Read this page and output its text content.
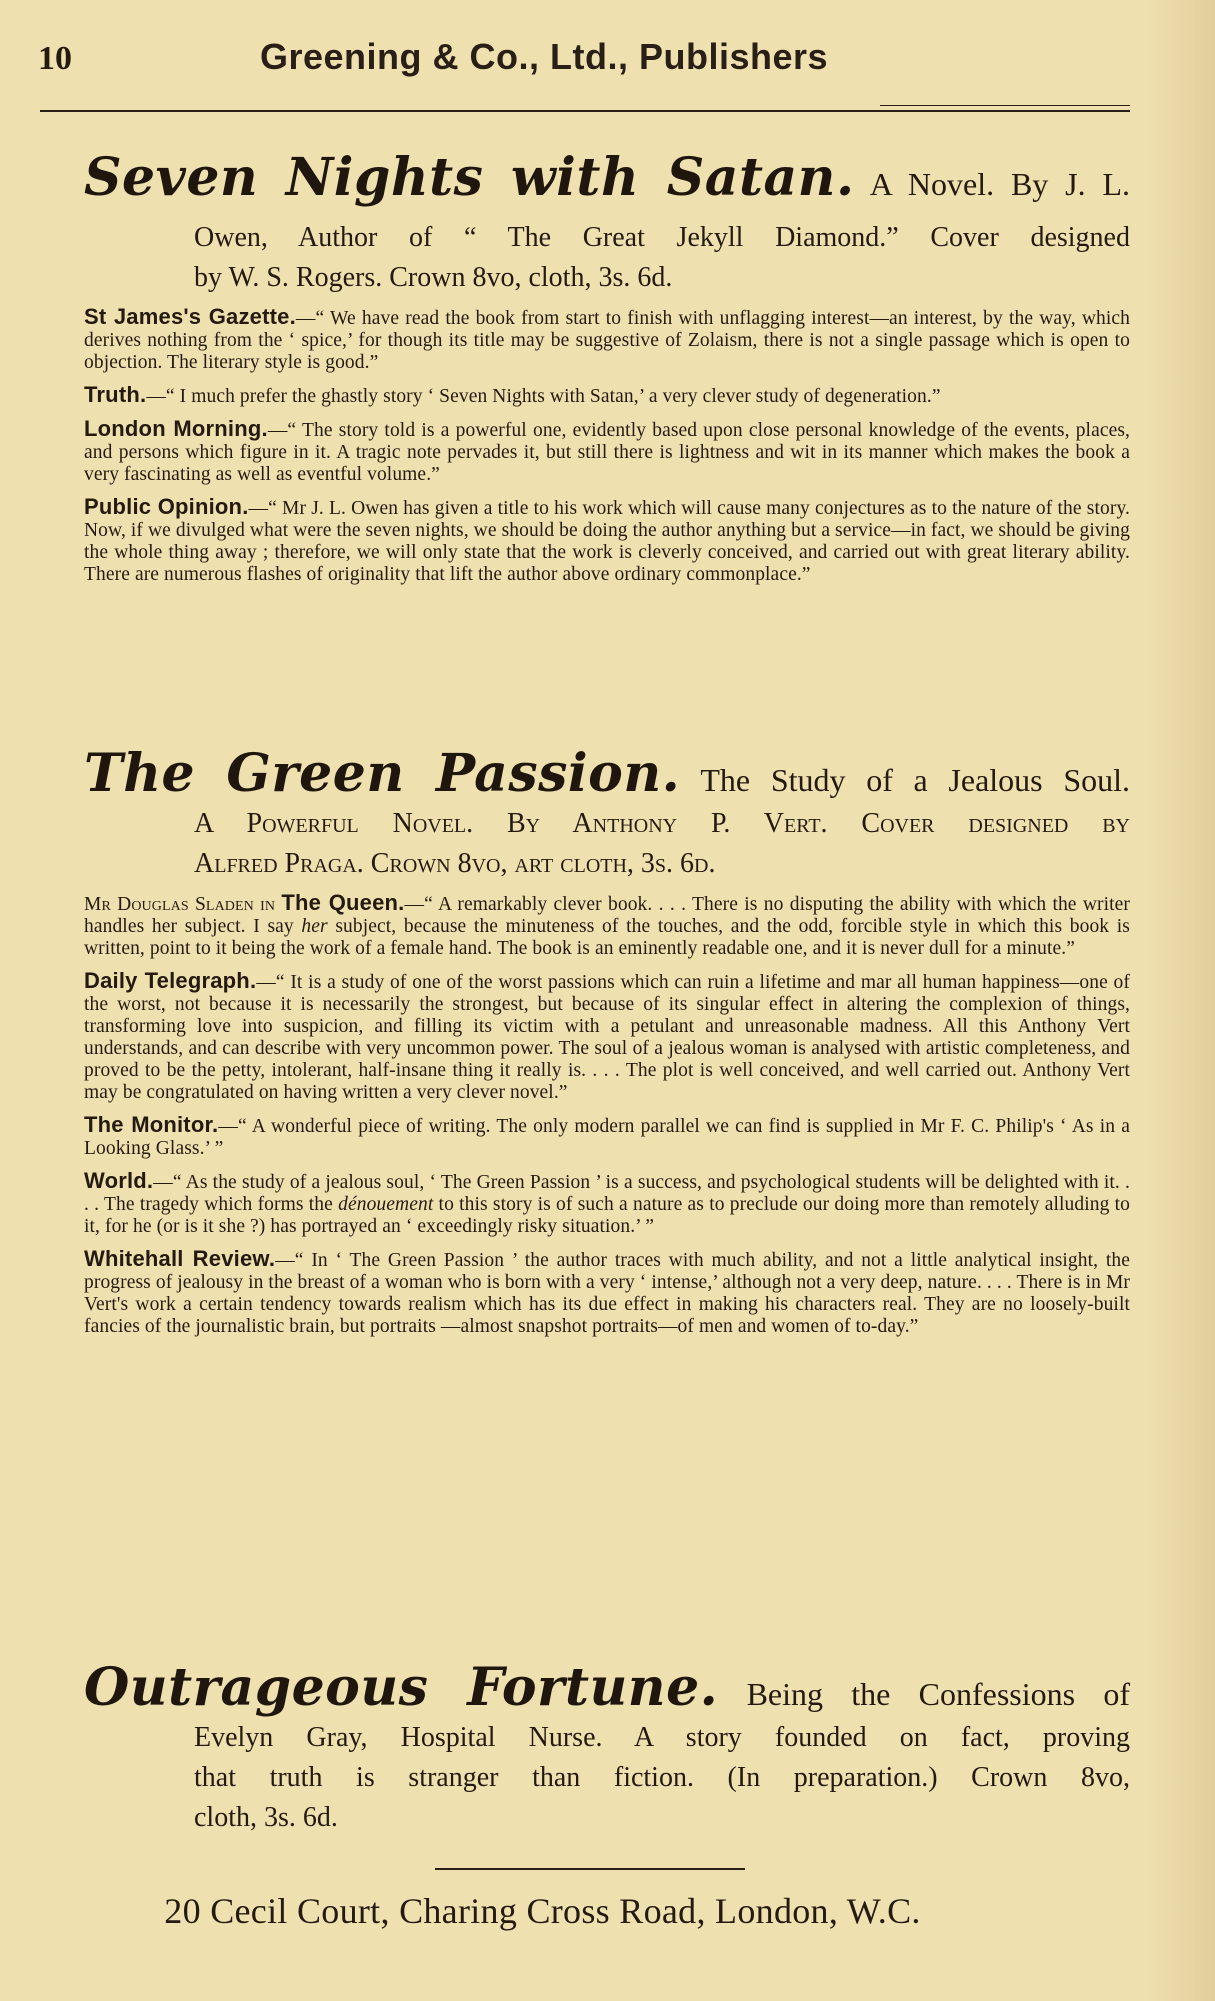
10	Greening & Co., Ltd., Publishers

Seven Nights with Satan. A Novel. By J. L.

Owen, Author of “ The Great Jekyll Diamond.” Cover designed

by W. S. Rogers. Crown 8vo, cloth, 3s. 6d.

St James's Gazette.—“ We have read the book from start to finish with unflagging interest—an interest, by the way, which derives nothing from the ‘ spice,’ for though its title may be suggestive of Zolaism, there is not a single passage which is open to objection. The literary style is good.”

Truth.—“ I much prefer the ghastly story ‘ Seven Nights with Satan,’ a very clever study of degeneration.”

London Morning.—“ The story told is a powerful one, evidently based upon close personal knowledge of the events, places, and persons which figure in it. A tragic note pervades it, but still there is lightness and wit in its manner which makes the book a very fascinating as well as eventful volume.”

Public Opinion.—“ Mr J. L. Owen has given a title to his work which will cause many conjectures as to the nature of the story. Now, if we divulged what were the seven nights, we should be doing the author anything but a service—in fact, we should be giving the whole thing away ; therefore, we will only state that the work is cleverly conceived, and carried out with great literary ability. There are numerous flashes of originality that lift the author above ordinary commonplace.”

The Green Passion. The Study of a Jealous Soul.

A Powerful Novel. By Anthony P. Vert. Cover designed by

Alfred Praga. Crown 8vo, art cloth, 3s. 6d.

Mr Douglas Sladen in The Queen.—“ A remarkably clever book. . . . There is no disputing the ability with which the writer handles her subject. I say her subject, because the minuteness of the touches, and the odd, forcible style in which this book is written, point to it being the work of a female hand. The book is an eminently readable one, and it is never dull for a minute.”

Daily Telegraph.—“ It is a study of one of the worst passions which can ruin a lifetime and mar all human happiness—one of the worst, not because it is necessarily the strongest, but because of its singular effect in altering the complexion of things, transforming love into suspicion, and filling its victim with a petulant and unreasonable madness. All this Anthony Vert understands, and can describe with very uncommon power. The soul of a jealous woman is analysed with artistic completeness, and proved to be the petty, intolerant, half-insane thing it really is. . . . The plot is well conceived, and well carried out. Anthony Vert may be congratulated on having written a very clever novel.”

The Monitor.—“ A wonderful piece of writing. The only modern parallel we can find is supplied in Mr F. C. Philip's ‘ As in a Looking Glass.’ ”

World.—“ As the study of a jealous soul, ‘ The Green Passion ’ is a success, and psychological students will be delighted with it. . . . The tragedy which forms the dénouement to this story is of such a nature as to preclude our doing more than remotely alluding to it, for he (or is it she ?) has portrayed an ‘ exceedingly risky situation.’ ”

Whitehall Review.—“ In ‘ The Green Passion ’ the author traces with much ability, and not a little analytical insight, the progress of jealousy in the breast of a woman who is born with a very ‘ intense,’ although not a very deep, nature. . . . There is in Mr Vert's work a certain tendency towards realism which has its due effect in making his characters real. They are no loosely-built fancies of the journalistic brain, but portraits —almost snapshot portraits—of men and women of to-day.”

Outrageous Fortune. Being the Confessions of

Evelyn Gray, Hospital Nurse. A story founded on fact, proving

that truth is stranger than fiction. (In preparation.) Crown 8vo,

cloth, 3s. 6d.

20 Cecil Court, Charing Cross Road, London, W.C.
